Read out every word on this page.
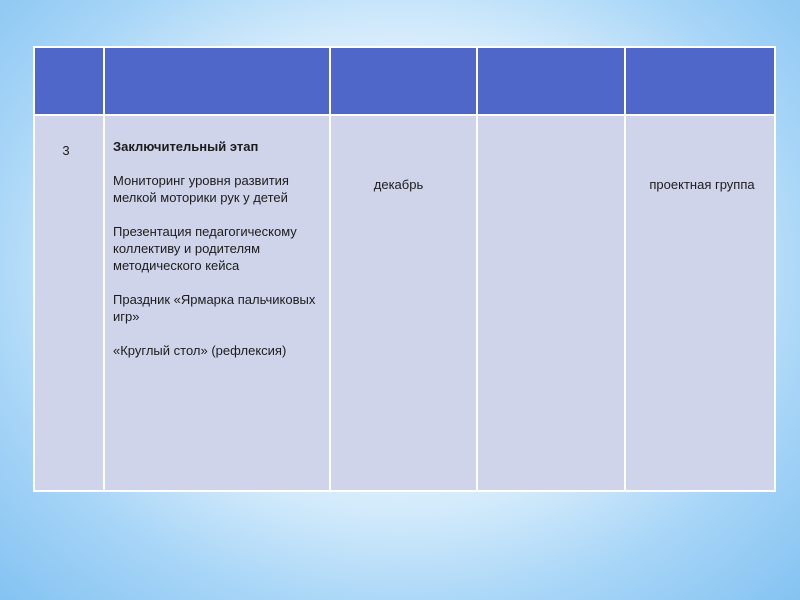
3	Заключительный этап
Мониторинг уровня развития мелкой моторики рук у детей
Презентация педагогическому коллективу и родителям методического кейса
Праздник «Ярмарка пальчиковых игр»
«Круглый стол» (рефлексия)	декабрь		проектная группа
